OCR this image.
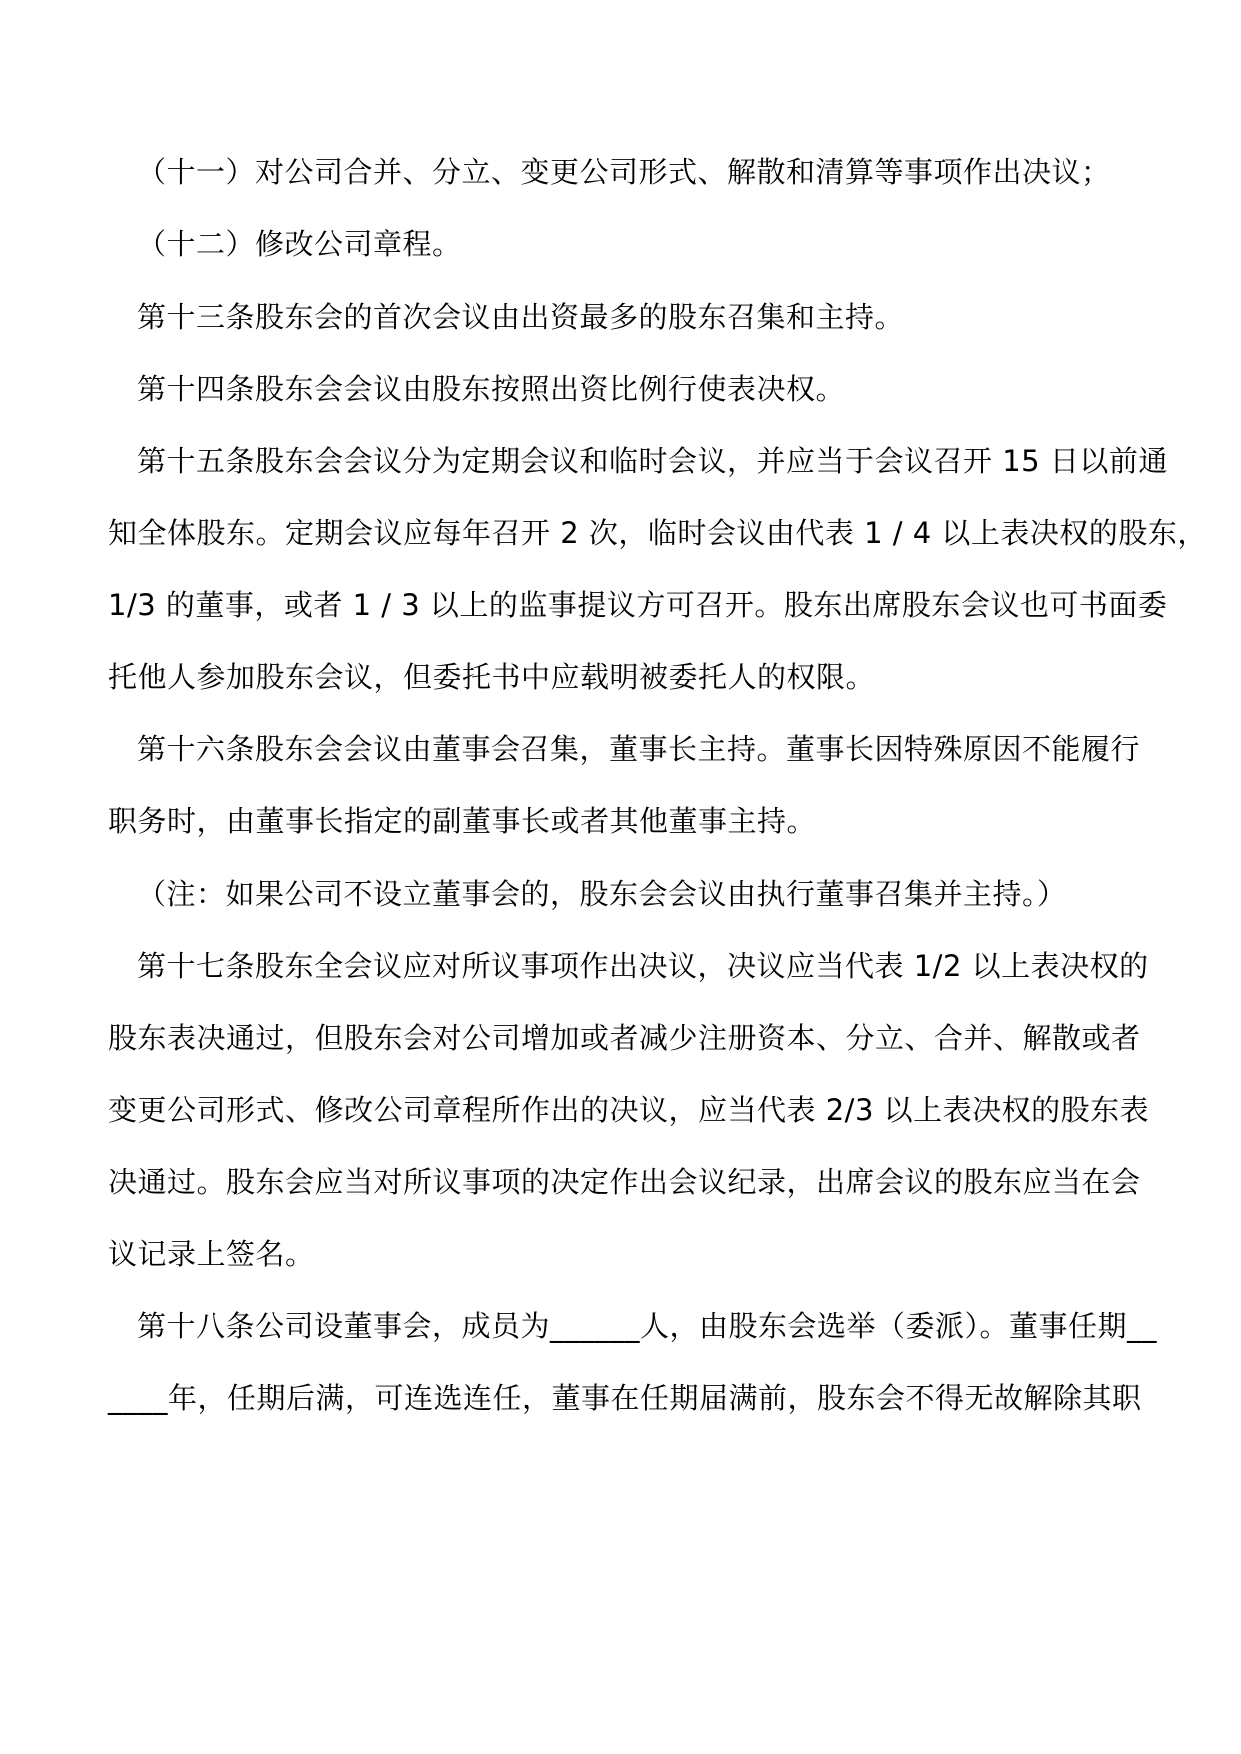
（十一）对公司合并、分立、变更公司形式、解散和清算等事项作出决议；
（十二）修改公司章程。
第十三条股东会的首次会议由出资最多的股东召集和主持。
第十四条股东会会议由股东按照出资比例行使表决权。
第十五条股东会会议分为定期会议和临时会议，并应当于会议召开 15 日以前通
知全体股东。定期会议应每年召开 2 次，临时会议由代表 1 / 4 以上表决权的股东，
1/3 的董事，或者 1 / 3 以上的监事提议方可召开。股东出席股东会议也可书面委
托他人参加股东会议，但委托书中应载明被委托人的权限。
第十六条股东会会议由董事会召集，董事长主持。董事长因特殊原因不能履行
职务时，由董事长指定的副董事长或者其他董事主持。
（注：如果公司不设立董事会的，股东会会议由执行董事召集并主持。）
第十七条股东全会议应对所议事项作出决议，决议应当代表 1/2 以上表决权的
股东表决通过，但股东会对公司增加或者减少注册资本、分立、合并、解散或者
变更公司形式、修改公司章程所作出的决议，应当代表 2/3 以上表决权的股东表
决通过。股东会应当对所议事项的决定作出会议纪录，出席会议的股东应当在会
议记录上签名。
第十八条公司设董事会，成员为______人，由股东会选举（委派）。董事任期__
____年，任期后满，可连选连任，董事在任期届满前，股东会不得无故解除其职
